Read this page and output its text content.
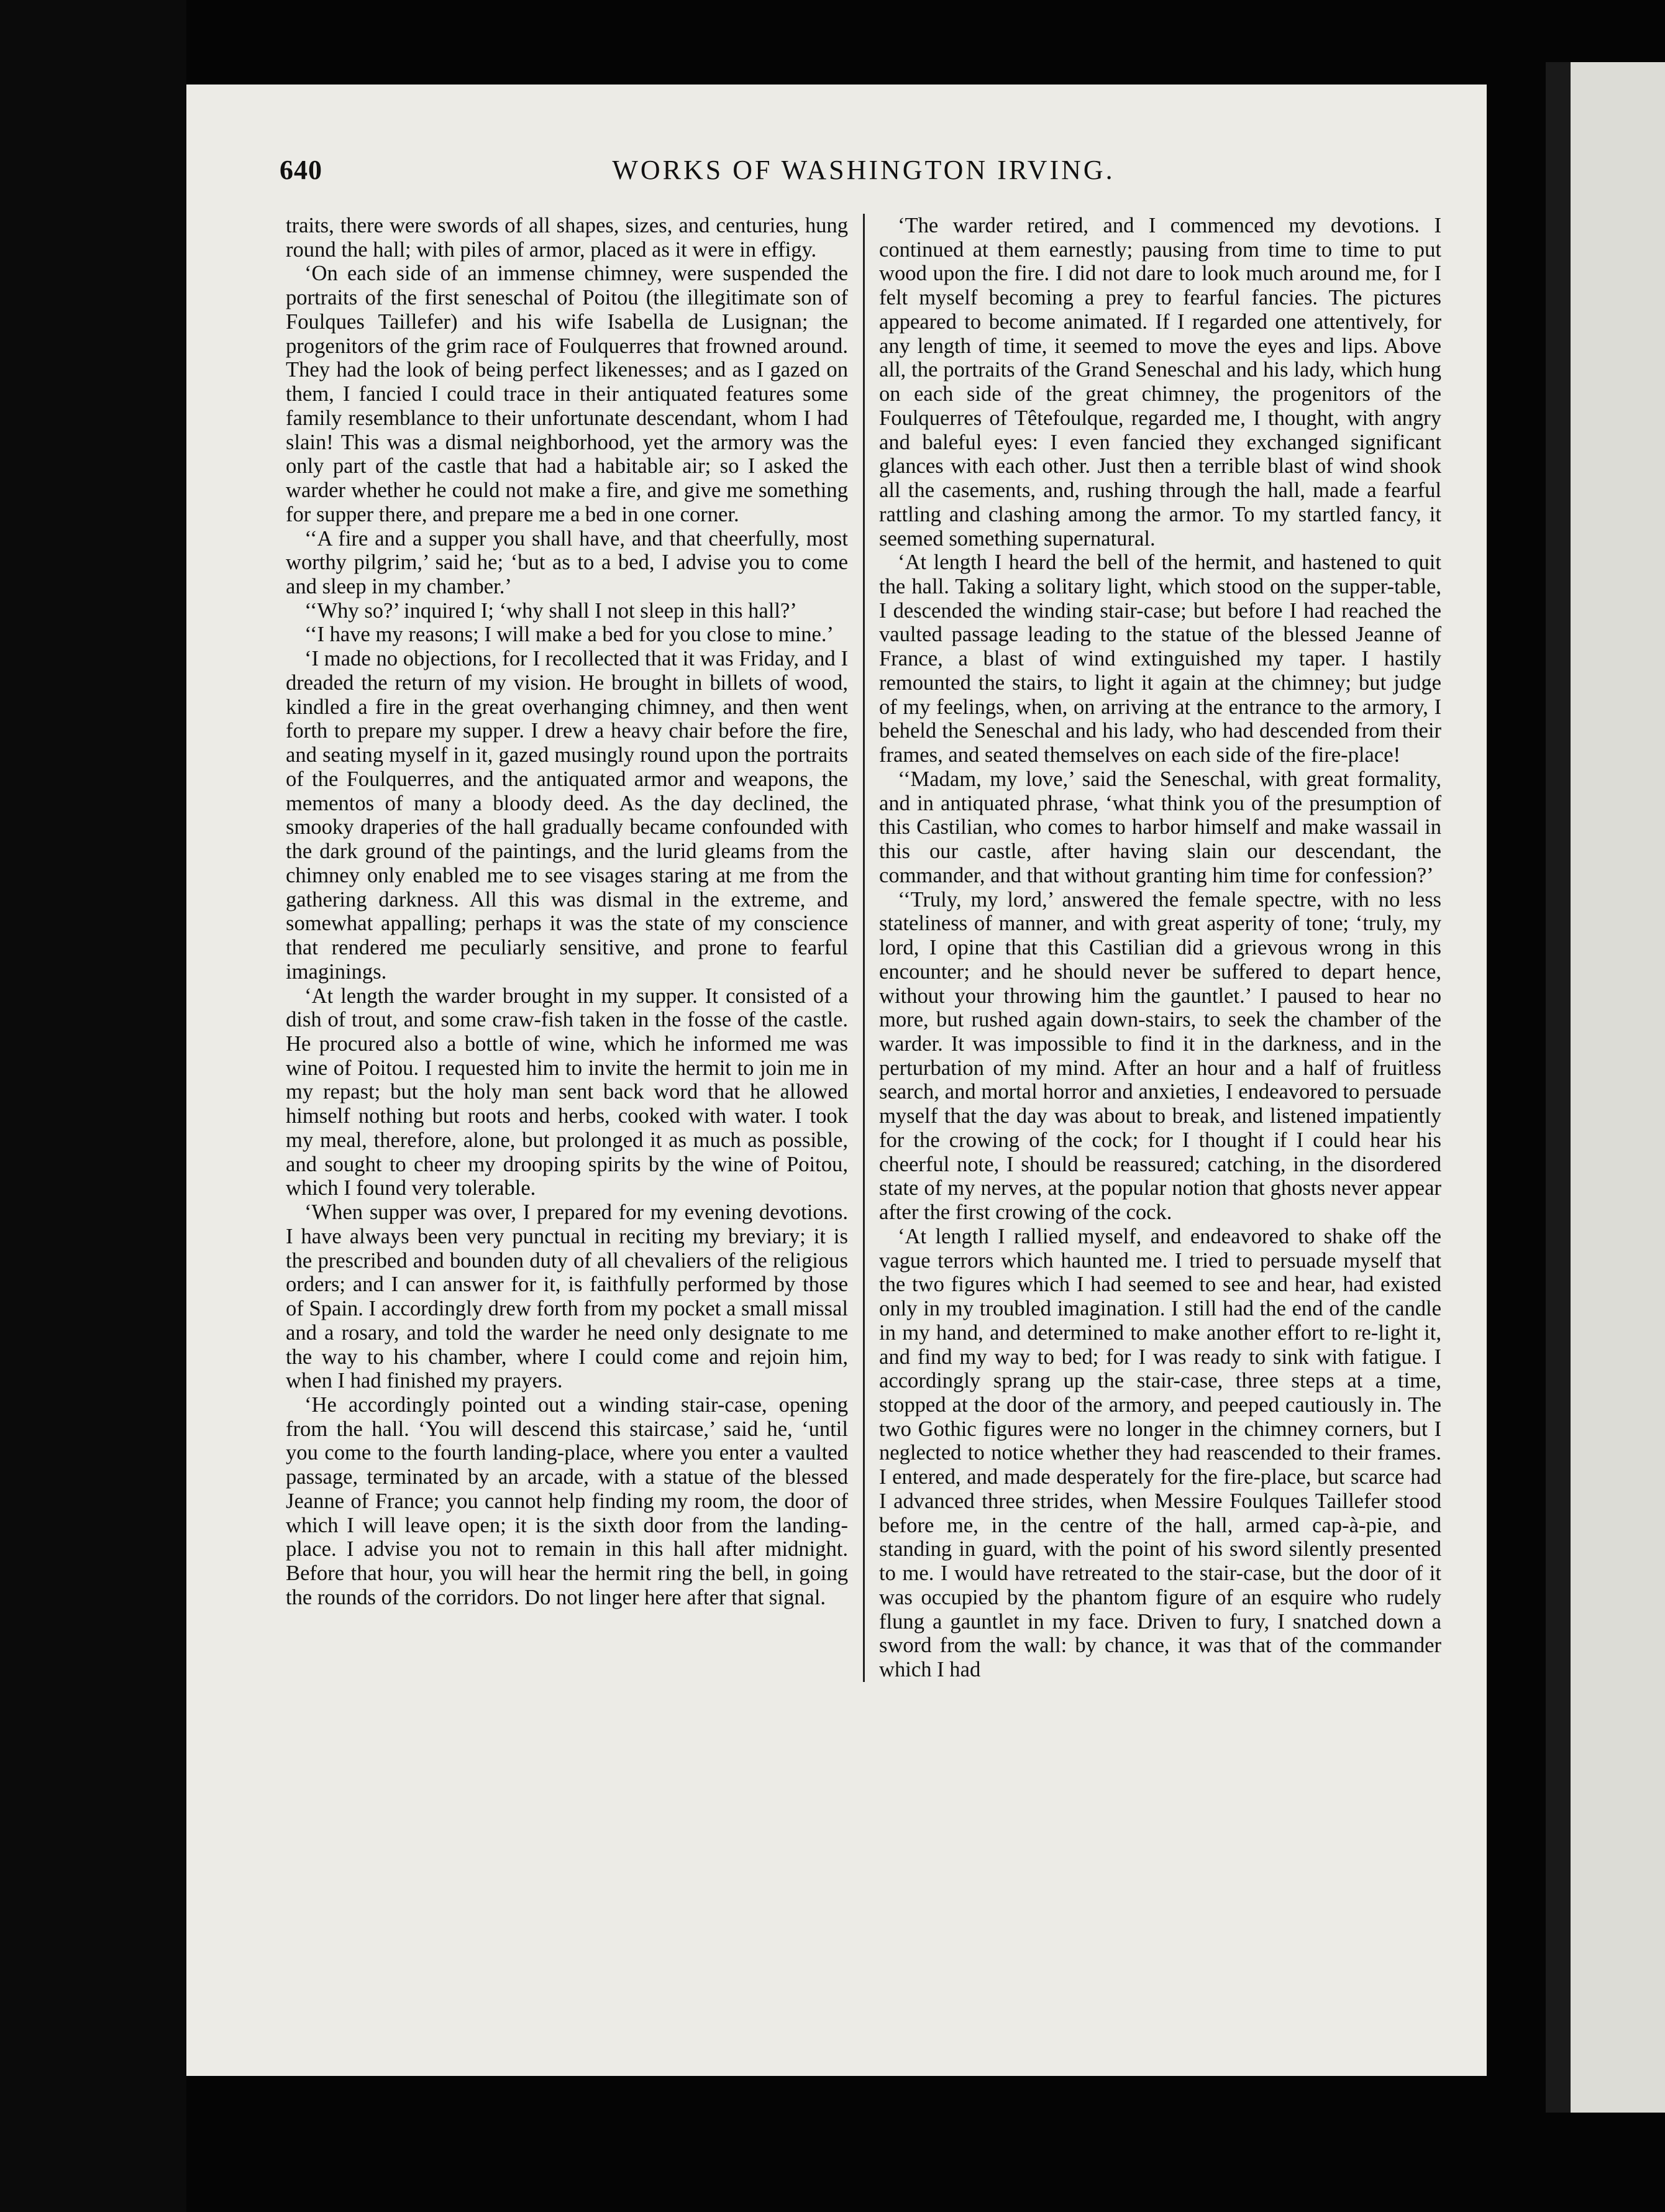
640	WORKS OF WASHINGTON IRVING.

traits, there were swords of all shapes, sizes, and centuries, hung round the hall; with piles of armor, placed as it were in effigy.

‘On each side of an immense chimney, were suspended the portraits of the first seneschal of Poitou (the illegitimate son of Foulques Taillefer) and his wife Isabella de Lusignan; the progenitors of the grim race of Foulquerres that frowned around. They had the look of being perfect likenesses; and as I gazed on them, I fancied I could trace in their antiquated features some family resemblance to their unfortunate descendant, whom I had slain! This was a dismal neighborhood, yet the armory was the only part of the castle that had a habitable air; so I asked the warder whether he could not make a fire, and give me something for supper there, and prepare me a bed in one corner.

‘‘A fire and a supper you shall have, and that cheerfully, most worthy pilgrim,’ said he; ‘but as to a bed, I advise you to come and sleep in my chamber.’

‘‘Why so?’ inquired I; ‘why shall I not sleep in this hall?’

‘‘I have my reasons; I will make a bed for you close to mine.’

‘I made no objections, for I recollected that it was Friday, and I dreaded the return of my vision. He brought in billets of wood, kindled a fire in the great overhanging chimney, and then went forth to prepare my supper. I drew a heavy chair before the fire, and seating myself in it, gazed musingly round upon the portraits of the Foulquerres, and the antiquated armor and weapons, the mementos of many a bloody deed. As the day declined, the smooky draperies of the hall gradually became confounded with the dark ground of the paintings, and the lurid gleams from the chimney only enabled me to see visages staring at me from the gathering darkness. All this was dismal in the extreme, and somewhat appalling; perhaps it was the state of my conscience that rendered me peculiarly sensitive, and prone to fearful imaginings.

‘At length the warder brought in my supper. It consisted of a dish of trout, and some craw-fish taken in the fosse of the castle. He procured also a bottle of wine, which he informed me was wine of Poitou. I requested him to invite the hermit to join me in my repast; but the holy man sent back word that he allowed himself nothing but roots and herbs, cooked with water. I took my meal, therefore, alone, but prolonged it as much as possible, and sought to cheer my drooping spirits by the wine of Poitou, which I found very tolerable.

‘When supper was over, I prepared for my evening devotions. I have always been very punctual in reciting my breviary; it is the prescribed and bounden duty of all chevaliers of the religious orders; and I can answer for it, is faithfully performed by those of Spain. I accordingly drew forth from my pocket a small missal and a rosary, and told the warder he need only designate to me the way to his chamber, where I could come and rejoin him, when I had finished my prayers.

‘He accordingly pointed out a winding stair-case, opening from the hall. ‘You will descend this staircase,’ said he, ‘until you come to the fourth landing-place, where you enter a vaulted passage, terminated by an arcade, with a statue of the blessed Jeanne of France; you cannot help finding my room, the door of which I will leave open; it is the sixth door from the landing-place. I advise you not to remain in this hall after midnight. Before that hour, you will hear the hermit ring the bell, in going the rounds of the corridors. Do not linger here after that signal.

‘The warder retired, and I commenced my devotions. I continued at them earnestly; pausing from time to time to put wood upon the fire. I did not dare to look much around me, for I felt myself becoming a prey to fearful fancies. The pictures appeared to become animated. If I regarded one attentively, for any length of time, it seemed to move the eyes and lips. Above all, the portraits of the Grand Seneschal and his lady, which hung on each side of the great chimney, the progenitors of the Foulquerres of Têtefoulque, regarded me, I thought, with angry and baleful eyes: I even fancied they exchanged significant glances with each other. Just then a terrible blast of wind shook all the casements, and, rushing through the hall, made a fearful rattling and clashing among the armor. To my startled fancy, it seemed something supernatural.

‘At length I heard the bell of the hermit, and hastened to quit the hall. Taking a solitary light, which stood on the supper-table, I descended the winding stair-case; but before I had reached the vaulted passage leading to the statue of the blessed Jeanne of France, a blast of wind extinguished my taper. I hastily remounted the stairs, to light it again at the chimney; but judge of my feelings, when, on arriving at the entrance to the armory, I beheld the Seneschal and his lady, who had descended from their frames, and seated themselves on each side of the fire-place!

‘‘Madam, my love,’ said the Seneschal, with great formality, and in antiquated phrase, ‘what think you of the presumption of this Castilian, who comes to harbor himself and make wassail in this our castle, after having slain our descendant, the commander, and that without granting him time for confession?’

‘‘Truly, my lord,’ answered the female spectre, with no less stateliness of manner, and with great asperity of tone; ‘truly, my lord, I opine that this Castilian did a grievous wrong in this encounter; and he should never be suffered to depart hence, without your throwing him the gauntlet.’ I paused to hear no more, but rushed again down-stairs, to seek the chamber of the warder. It was impossible to find it in the darkness, and in the perturbation of my mind. After an hour and a half of fruitless search, and mortal horror and anxieties, I endeavored to persuade myself that the day was about to break, and listened impatiently for the crowing of the cock; for I thought if I could hear his cheerful note, I should be reassured; catching, in the disordered state of my nerves, at the popular notion that ghosts never appear after the first crowing of the cock.

‘At length I rallied myself, and endeavored to shake off the vague terrors which haunted me. I tried to persuade myself that the two figures which I had seemed to see and hear, had existed only in my troubled imagination. I still had the end of the candle in my hand, and determined to make another effort to re-light it, and find my way to bed; for I was ready to sink with fatigue. I accordingly sprang up the stair-case, three steps at a time, stopped at the door of the armory, and peeped cautiously in. The two Gothic figures were no longer in the chimney corners, but I neglected to notice whether they had reascended to their frames. I entered, and made desperately for the fire-place, but scarce had I advanced three strides, when Messire Foulques Taillefer stood before me, in the centre of the hall, armed cap-à-pie, and standing in guard, with the point of his sword silently presented to me. I would have retreated to the stair-case, but the door of it was occupied by the phantom figure of an esquire who rudely flung a gauntlet in my face. Driven to fury, I snatched down a sword from the wall: by chance, it was that of the commander which I had
